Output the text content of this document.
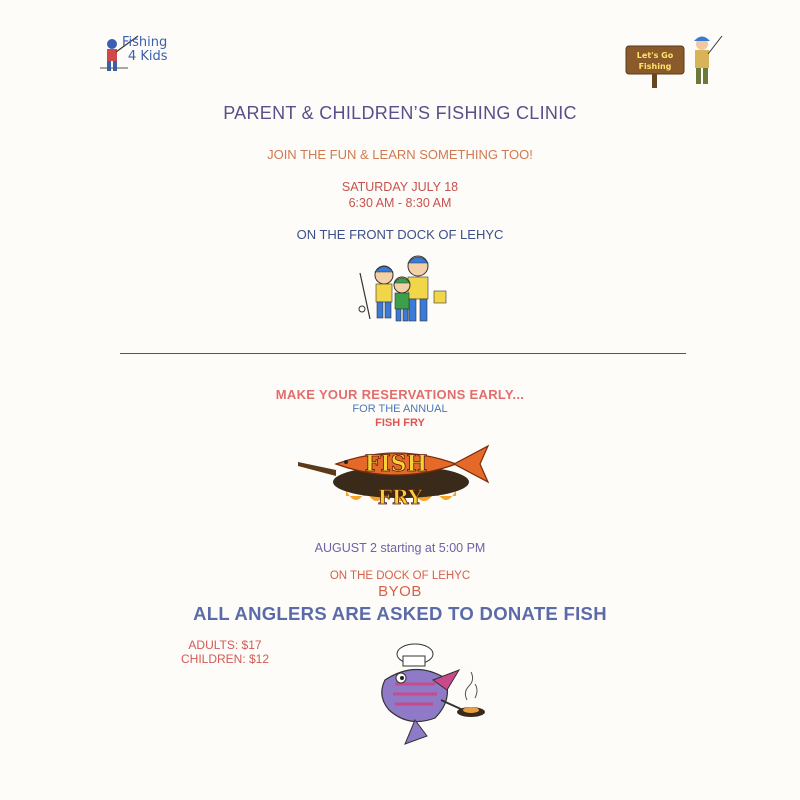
Fishing
4 Kids	Let's Go
Fishing
PARENT & CHILDREN’S FISHING CLINIC
JOIN THE FUN & LEARN SOMETHING TOO!
SATURDAY JULY 18
6:30 AM - 8:30 AM
ON THE FRONT DOCK OF LEHYC
MAKE YOUR RESERVATIONS EARLY...
FOR THE ANNUAL
FISH FRY
FISH
FRY
AUGUST 2 starting at 5:00 PM
ON THE DOCK OF LEHYC
BYOB
ALL ANGLERS ARE ASKED TO DONATE FISH
ADULTS: $17
CHILDREN: $12
